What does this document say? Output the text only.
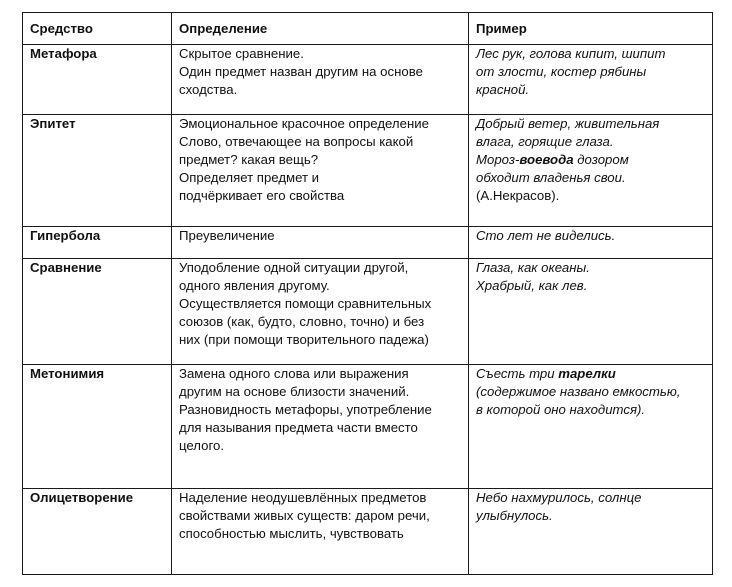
Средство	Определение	Пример
Метафора	Скрытое сравнение.
Один предмет назван другим на основе
сходства.	Лес рук, голова кипит, шипит
от злости, костер рябины
красной.

Эпитет	Эмоциональное красочное определение
Слово, отвечающее на вопросы какой
предмет? какая вещь?
Определяет предмет и
подчёркивает его свойства	Добрый ветер, живительная
влага, горящие глаза.
Мороз-воевода дозором
обходит владенья свои.
(А.Некрасов).

Гипербола	Преувеличение	Сто лет не виделись.

Сравнение	Уподобление одной ситуации другой,
одного явления другому.
Осуществляется помощи сравнительных
союзов (как, будто, словно, точно) и без
них (при помощи творительного падежа)	Глаза, как океаны.
Храбрый, как лев.

Метонимия	Замена одного слова или выражения
другим на основе близости значений.
Разновидность метафоры, употребление
для называния предмета части вместо
целого.	Съесть три тарелки
(содержимое названо емкостью,
в которой оно находится).

Олицетворение	Наделение неодушевлённых предметов
свойствами живых существ: даром речи,
способностью мыслить, чувствовать	Небо нахмурилось, солнце
улыбнулось.
